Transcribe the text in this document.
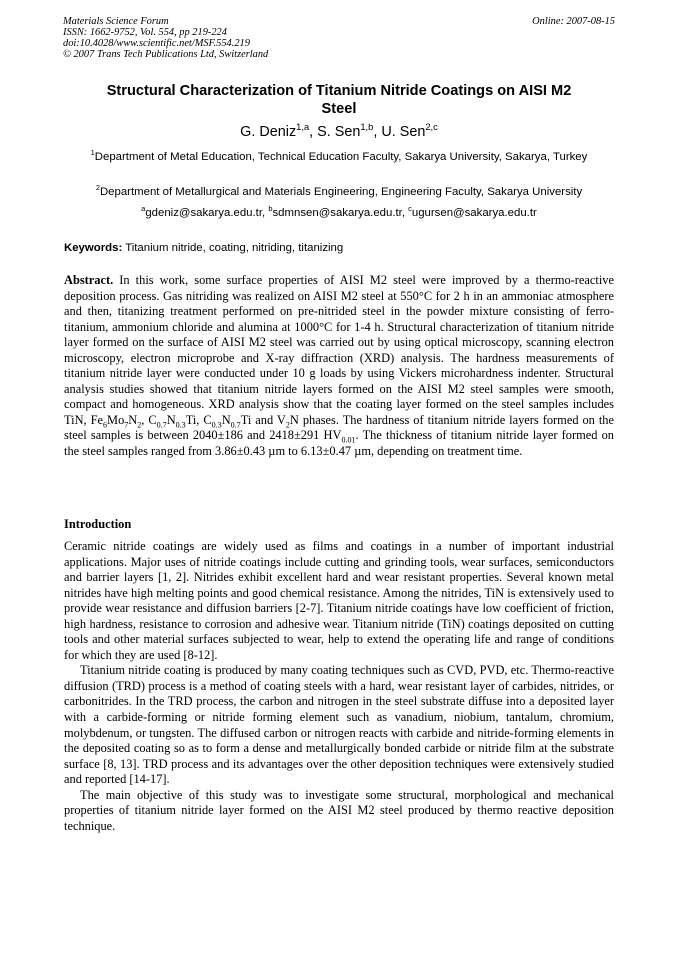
Materials Science Forum
ISSN: 1662-9752, Vol. 554, pp 219-224
doi:10.4028/www.scientific.net/MSF.554.219
© 2007 Trans Tech Publications Ltd, Switzerland
Online: 2007-08-15
Structural Characterization of Titanium Nitride Coatings on AISI M2
Steel
G. Deniz$^{1,a}$, S. Sen$^{1,b}$, U. Sen$^{2,c}$
$^1$Department of Metal Education, Technical Education Faculty, Sakarya University, Sakarya, Turkey
$^2$Department of Metallurgical and Materials Engineering, Engineering Faculty, Sakarya University
$^a$gdeniz@sakarya.edu.tr, $^b$sdmnsen@sakarya.edu.tr, $^c$ugursen@sakarya.edu.tr
Keywords: Titanium nitride, coating, nitriding, titanizing
Abstract. In this work, some surface properties of AISI M2 steel were improved by a thermo-reactive deposition process. Gas nitriding was realized on AISI M2 steel at 550°C for 2 h in an ammoniac atmosphere and then, titanizing treatment performed on pre-nitrided steel in the powder mixture consisting of ferro-titanium, ammonium chloride and alumina at 1000°C for 1-4 h. Structural characterization of titanium nitride layer formed on the surface of AISI M2 steel was carried out by using optical microscopy, scanning electron microscopy, electron microprobe and X-ray diffraction (XRD) analysis. The hardness measurements of titanium nitride layer were conducted under 10 g loads by using Vickers microhardness indenter. Structural analysis studies showed that titanium nitride layers formed on the AISI M2 steel samples were smooth, compact and homogeneous. XRD analysis show that the coating layer formed on the steel samples includes TiN, $Fe_6Mo_7N_2$, $C_{0.7}N_{0.3}Ti$, $C_{0.3}N_{0.7}Ti$ and $V_2N$ phases. The hardness of titanium nitride layers formed on the steel samples is between 2040±186 and 2418±291 $HV_{0.01}$. The thickness of titanium nitride layer formed on the steel samples ranged from 3.86±0.43 µm to 6.13±0.47 µm, depending on treatment time.
Introduction

Ceramic nitride coatings are widely used as films and coatings in a number of important industrial applications. Major uses of nitride coatings include cutting and grinding tools, wear surfaces, semiconductors and barrier layers [1, 2]. Nitrides exhibit excellent hard and wear resistant properties. Several known metal nitrides have high melting points and good chemical resistance. Among the nitrides, TiN is extensively used to provide wear resistance and diffusion barriers [2-7]. Titanium nitride coatings have low coefficient of friction, high hardness, resistance to corrosion and adhesive wear. Titanium nitride (TiN) coatings deposited on cutting tools and other material surfaces subjected to wear, help to extend the operating life and range of conditions for which they are used [8-12].

Titanium nitride coating is produced by many coating techniques such as CVD, PVD, etc. Thermo-reactive diffusion (TRD) process is a method of coating steels with a hard, wear resistant layer of carbides, nitrides, or carbonitrides. In the TRD process, the carbon and nitrogen in the steel substrate diffuse into a deposited layer with a carbide-forming or nitride forming element such as vanadium, niobium, tantalum, chromium, molybdenum, or tungsten. The diffused carbon or nitrogen reacts with carbide and nitride-forming elements in the deposited coating so as to form a dense and metallurgically bonded carbide or nitride film at the substrate surface [8, 13]. TRD process and its advantages over the other deposition techniques were extensively studied and reported [14-17].

The main objective of this study was to investigate some structural, morphological and mechanical properties of titanium nitride layer formed on the AISI M2 steel produced by thermo reactive deposition technique.
